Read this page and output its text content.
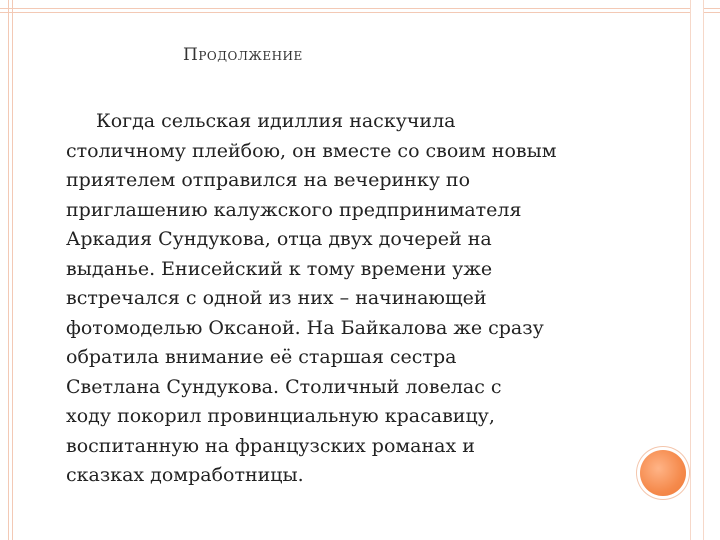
Продолжение
Когда сельская идиллия наскучила
столичному плейбою, он вместе со своим новым
приятелем отправился на вечеринку по
приглашению калужского предпринимателя
Аркадия Сундукова, отца двух дочерей на
выданье. Енисейский к тому времени уже
встречался с одной из них – начинающей
фотомоделью Оксаной. На Байкалова же сразу
обратила внимание её старшая сестра
Светлана Сундукова. Столичный ловелас с
ходу покорил провинциальную красавицу,
воспитанную на французских романах и
сказках домработницы.
